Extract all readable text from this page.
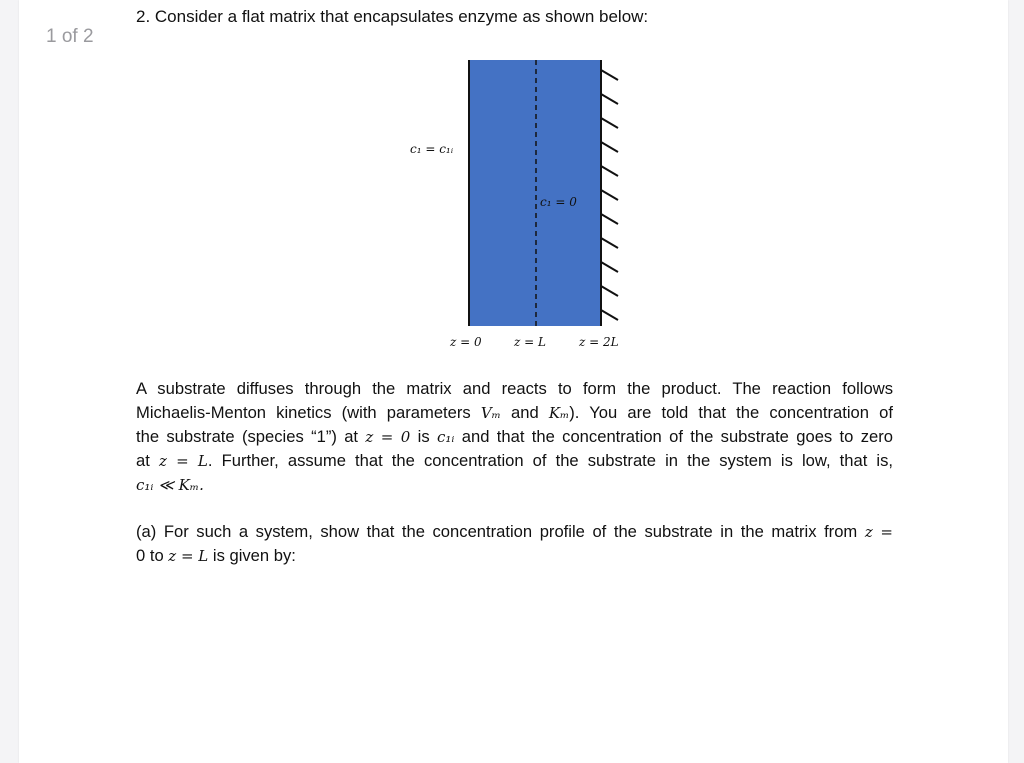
1 of 2
2. Consider a flat matrix that encapsulates enzyme as shown below:
c₁ = c₁ᵢ
c₁ = 0
z = 0	z = L	z = 2L
A substrate diffuses through the matrix and reacts to form the product. The reaction follows
Michaelis-Menton kinetics (with parameters Vₘ and Kₘ). You are told that the concentration of
the substrate (species “1”) at z = 0 is c₁ᵢ and that the concentration of the substrate goes to zero
at z = L. Further, assume that the concentration of the substrate in the system is low, that is,
c₁ᵢ ≪ Kₘ.
(a) For such a system, show that the concentration profile of the substrate in the matrix from z =
0 to z = L is given by:
